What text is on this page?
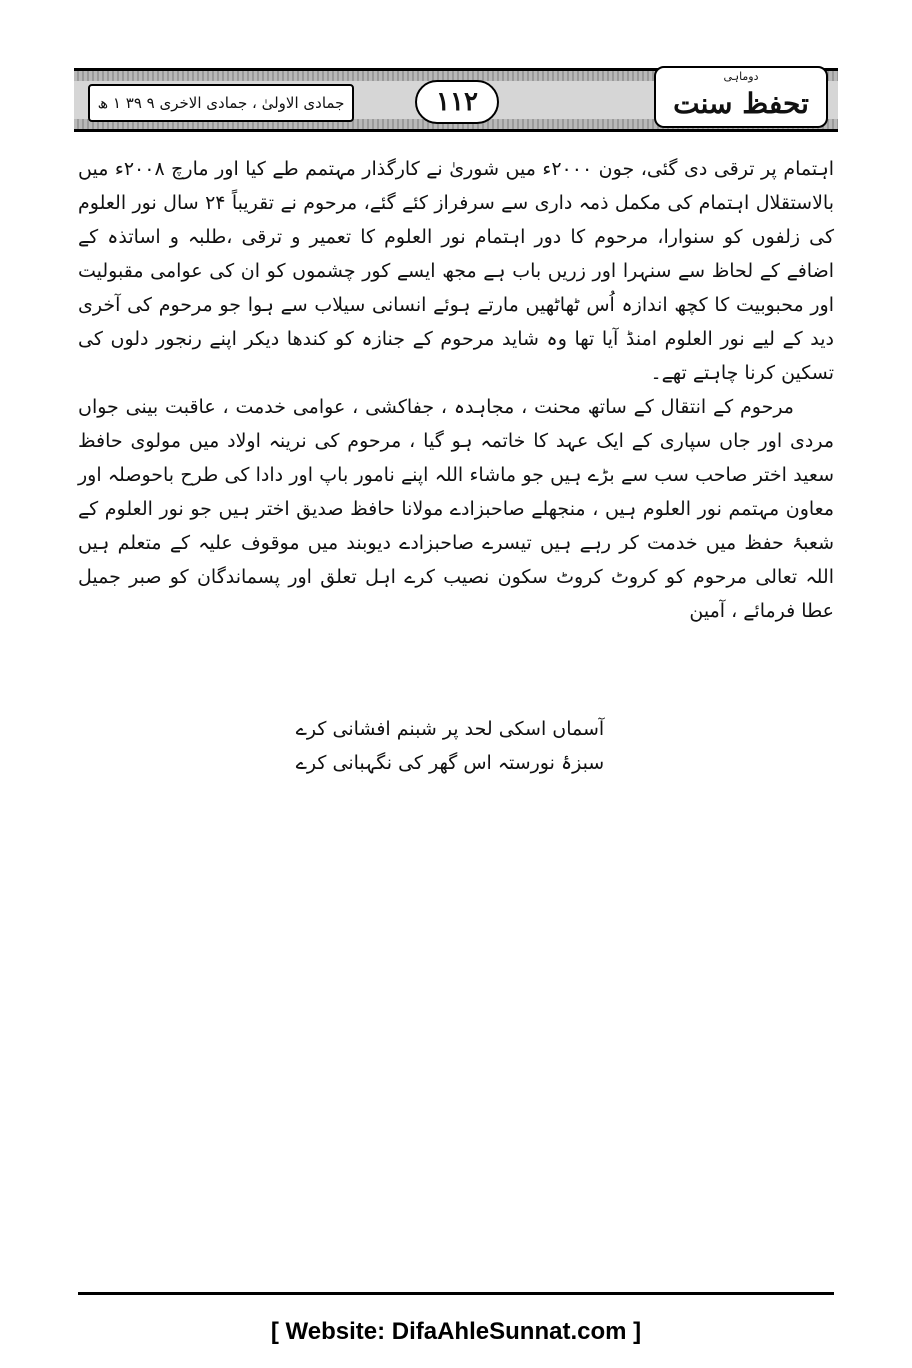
جمادی الاولیٰ ، جمادی الاخری ۹ ۳۹ ۱ ھ	۱۱۲
دوماہی
تحفظ سنت

اہتمام پر ترقی دی گئی، جون ۲۰۰۰ء میں شوریٰ نے کارگذار مہتمم طے کیا اور مارچ ۲۰۰۸ء میں بالاستقلال اہتمام کی مکمل ذمہ داری سے سرفراز کئے گئے، مرحوم نے تقریباً ۲۴ سال نور العلوم کی زلفوں کو سنوارا، مرحوم کا دور اہتمام نور العلوم کا تعمیر و ترقی ،طلبہ و اساتذہ کے اضافے کے لحاظ سے سنہرا اور زریں باب ہے مجھ ایسے کور چشموں کو ان کی عوامی مقبولیت اور محبوبیت کا کچھ اندازہ اُس ٹھاٹھیں مارتے ہوئے انسانی سیلاب سے ہوا جو مرحوم کی آخری دید کے لیے نور العلوم امنڈ آیا تھا وہ شاید مرحوم کے جنازہ کو کندھا دیکر اپنے رنجور دلوں کی تسکین کرنا چاہتے تھے۔

مرحوم کے انتقال کے ساتھ محنت ، مجاہدہ ، جفاکشی ، عوامی خدمت ، عاقبت بینی جواں مردی اور جاں سپاری کے ایک عہد کا خاتمہ ہو گیا ، مرحوم کی نرینہ اولاد میں مولوی حافظ سعید اختر صاحب سب سے بڑے ہیں جو ماشاء اللہ اپنے نامور باپ اور دادا کی طرح باحوصلہ اور معاون مہتمم نور العلوم ہیں ، منجھلے صاحبزادے مولانا حافظ صدیق اختر ہیں جو نور العلوم کے شعبۂ حفظ میں خدمت کر رہے ہیں تیسرے صاحبزادے دیوبند میں موقوف علیہ کے متعلم ہیں اللہ تعالی مرحوم کو کروٹ کروٹ سکون نصیب کرے اہل تعلق اور پسماندگان کو صبر جمیل عطا فرمائے ، آمین

آسماں اسکی لحد پر شبنم افشانی کرے
سبزۂ نورستہ اس گھر کی نگہبانی کرے
[ Website: DifaAhleSunnat.com ]
